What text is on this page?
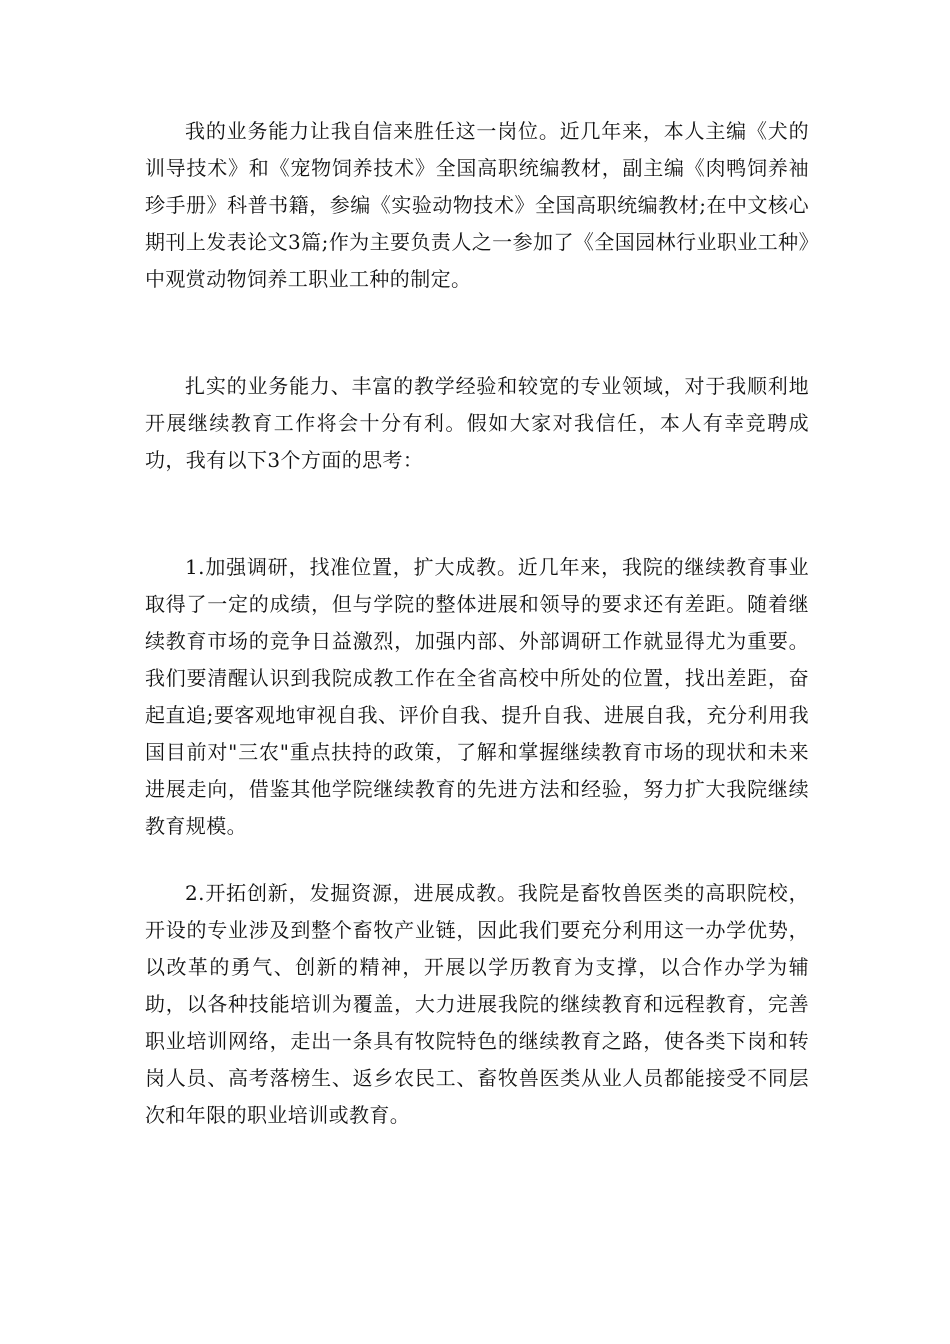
我的业务能力让我自信来胜任这一岗位。近几年来，本人主编《犬的训导技术》和《宠物饲养技术》全国高职统编教材，副主编《肉鸭饲养袖珍手册》科普书籍，参编《实验动物技术》全国高职统编教材;在中文核心期刊上发表论文3篇;作为主要负责人之一参加了《全国园林行业职业工种》中观赏动物饲养工职业工种的制定。

扎实的业务能力、丰富的教学经验和较宽的专业领域，对于我顺利地开展继续教育工作将会十分有利。假如大家对我信任，本人有幸竞聘成功，我有以下3个方面的思考：

1.加强调研，找准位置，扩大成教。近几年来，我院的继续教育事业取得了一定的成绩，但与学院的整体进展和领导的要求还有差距。随着继续教育市场的竞争日益激烈，加强内部、外部调研工作就显得尤为重要。我们要清醒认识到我院成教工作在全省高校中所处的位置，找出差距，奋起直追;要客观地审视自我、评价自我、提升自我、进展自我，充分利用我国目前对"三农"重点扶持的政策，了解和掌握继续教育市场的现状和未来进展走向，借鉴其他学院继续教育的先进方法和经验，努力扩大我院继续教育规模。

2.开拓创新，发掘资源，进展成教。我院是畜牧兽医类的高职院校，开设的专业涉及到整个畜牧产业链，因此我们要充分利用这一办学优势，以改革的勇气、创新的精神，开展以学历教育为支撑，以合作办学为辅助，以各种技能培训为覆盖，大力进展我院的继续教育和远程教育，完善职业培训网络，走出一条具有牧院特色的继续教育之路，使各类下岗和转岗人员、高考落榜生、返乡农民工、畜牧兽医类从业人员都能接受不同层次和年限的职业培训或教育。
